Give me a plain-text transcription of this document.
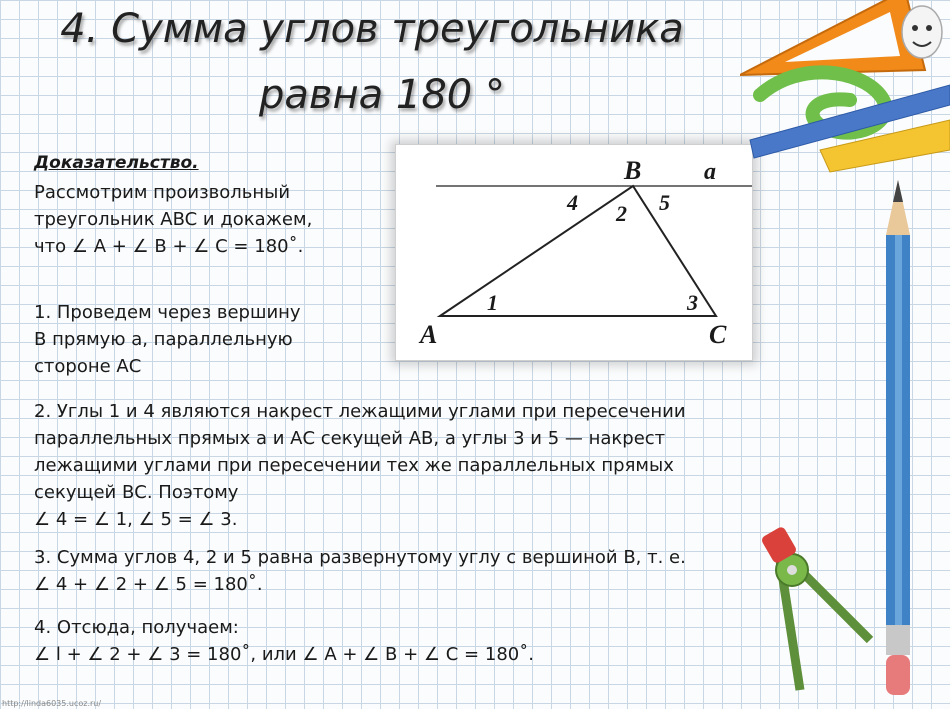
4. Сумма углов треугольника
равна 180 °
Доказательство.
Рассмотрим произвольный
треугольник ABC и докажем,
что ∠ A + ∠ B + ∠ C = 180˚.
1. Проведем через вершину
В прямую а, параллельную
стороне АС
2. Углы 1 и 4 являются накрест лежащими углами при пересечении
параллельных прямых а и АС секущей АВ, а углы 3 и 5 — накрест
лежащими углами при пересечении тех же параллельных прямых
секущей ВС. Поэтому
∠ 4 = ∠ 1, ∠ 5 = ∠ 3.
3. Сумма углов 4, 2 и 5 равна развернутому углу с вершиной В, т. е.
∠ 4 + ∠ 2 + ∠ 5 = 180˚.
4. Отсюда, получаем:
∠ l + ∠ 2 + ∠ 3 = 180˚, или ∠ A + ∠ B + ∠ C = 180˚.
B	a
4 2 5
1	3
A	C
http://linda6035.ucoz.ru/
